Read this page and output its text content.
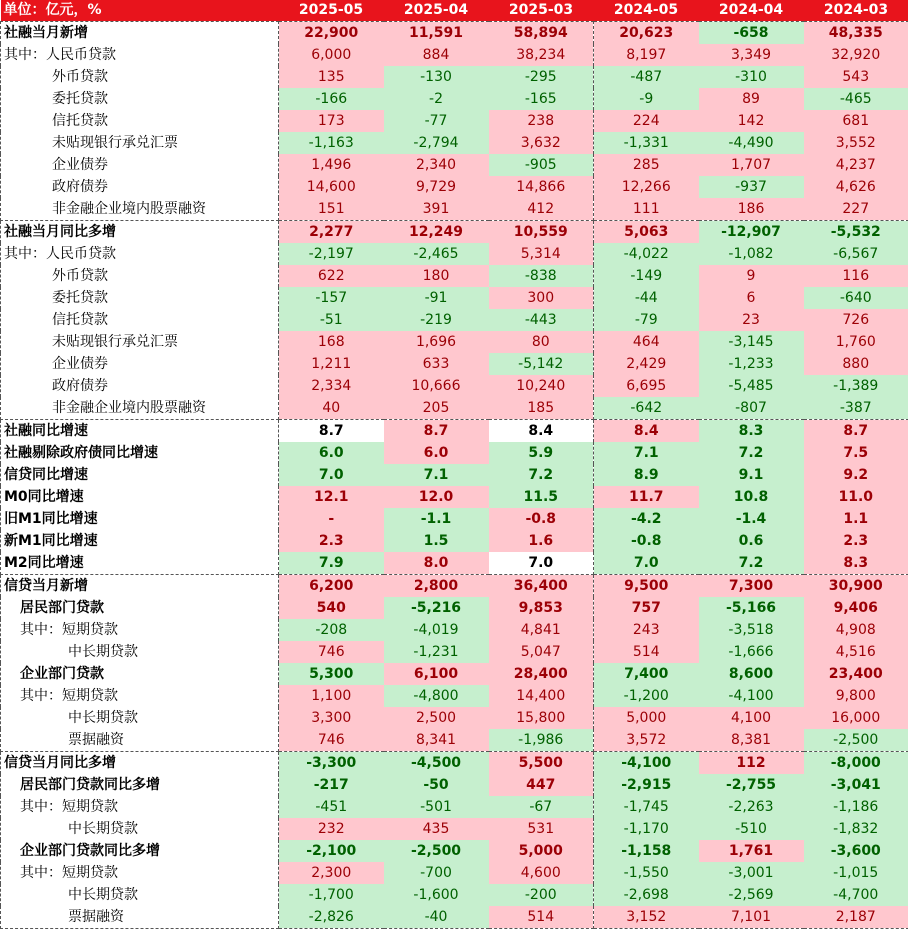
单位：亿元，%	2025-05	2025-04	2025-03	2024-05	2024-04	2024-03
社融当月新增	22,900	11,591	58,894	20,623	-658	48,335
其中：人民币贷款	6,000	884	38,234	8,197	3,349	32,920
外币贷款	135	-130	-295	-487	-310	543
委托贷款	-166	-2	-165	-9	89	-465
信托贷款	173	-77	238	224	142	681
未贴现银行承兑汇票	-1,163	-2,794	3,632	-1,331	-4,490	3,552
企业债券	1,496	2,340	-905	285	1,707	4,237
政府债券	14,600	9,729	14,866	12,266	-937	4,626
非金融企业境内股票融资	151	391	412	111	186	227
社融当月同比多增	2,277	12,249	10,559	5,063	-12,907	-5,532
其中：人民币贷款	-2,197	-2,465	5,314	-4,022	-1,082	-6,567
外币贷款	622	180	-838	-149	9	116
委托贷款	-157	-91	300	-44	6	-640
信托贷款	-51	-219	-443	-79	23	726
未贴现银行承兑汇票	168	1,696	80	464	-3,145	1,760
企业债券	1,211	633	-5,142	2,429	-1,233	880
政府债券	2,334	10,666	10,240	6,695	-5,485	-1,389
非金融企业境内股票融资	40	205	185	-642	-807	-387
社融同比增速	8.7	8.7	8.4	8.4	8.3	8.7
社融剔除政府债同比增速	6.0	6.0	5.9	7.1	7.2	7.5
信贷同比增速	7.0	7.1	7.2	8.9	9.1	9.2
M0同比增速	12.1	12.0	11.5	11.7	10.8	11.0
旧M1同比增速	-	-1.1	-0.8	-4.2	-1.4	1.1
新M1同比增速	2.3	1.5	1.6	-0.8	0.6	2.3
M2同比增速	7.9	8.0	7.0	7.0	7.2	8.3
信贷当月新增	6,200	2,800	36,400	9,500	7,300	30,900
居民部门贷款	540	-5,216	9,853	757	-5,166	9,406
其中：短期贷款	-208	-4,019	4,841	243	-3,518	4,908
中长期贷款	746	-1,231	5,047	514	-1,666	4,516
企业部门贷款	5,300	6,100	28,400	7,400	8,600	23,400
其中：短期贷款	1,100	-4,800	14,400	-1,200	-4,100	9,800
中长期贷款	3,300	2,500	15,800	5,000	4,100	16,000
票据融资	746	8,341	-1,986	3,572	8,381	-2,500
信贷当月同比多增	-3,300	-4,500	5,500	-4,100	112	-8,000
居民部门贷款同比多增	-217	-50	447	-2,915	-2,755	-3,041
其中：短期贷款	-451	-501	-67	-1,745	-2,263	-1,186
中长期贷款	232	435	531	-1,170	-510	-1,832
企业部门贷款同比多增	-2,100	-2,500	5,000	-1,158	1,761	-3,600
其中：短期贷款	2,300	-700	4,600	-1,550	-3,001	-1,015
中长期贷款	-1,700	-1,600	-200	-2,698	-2,569	-4,700
票据融资	-2,826	-40	514	3,152	7,101	2,187
